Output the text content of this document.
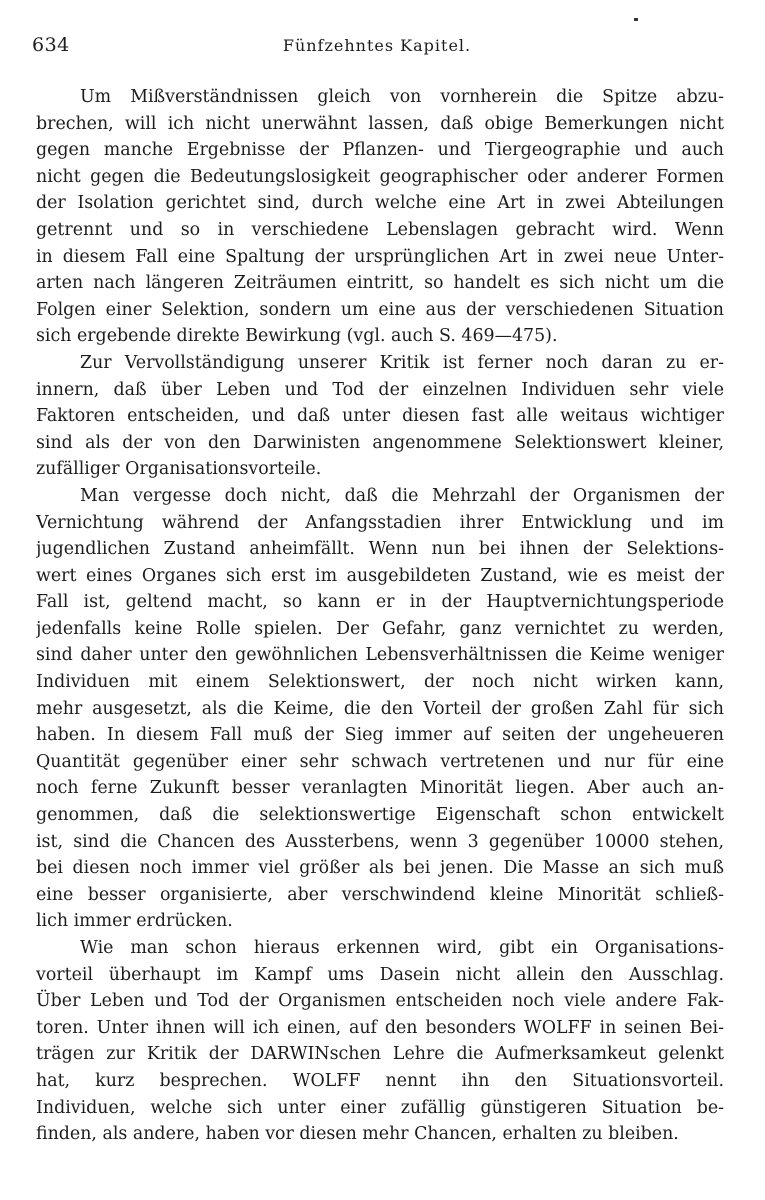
634	Fünfzehntes Kapitel.
Um Mißverständnissen gleich von vornherein die Spitze abzu-
brechen, will ich nicht unerwähnt lassen, daß obige Bemerkungen nicht
gegen manche Ergebnisse der Pflanzen- und Tiergeographie und auch
nicht gegen die Bedeutungslosigkeit geographischer oder anderer Formen
der Isolation gerichtet sind, durch welche eine Art in zwei Abteilungen
getrennt und so in verschiedene Lebenslagen gebracht wird. Wenn
in diesem Fall eine Spaltung der ursprünglichen Art in zwei neue Unter-
arten nach längeren Zeiträumen eintritt, so handelt es sich nicht um die
Folgen einer Selektion, sondern um eine aus der verschiedenen Situation
sich ergebende direkte Bewirkung (vgl. auch S. 469—475).
Zur Vervollständigung unserer Kritik ist ferner noch daran zu er-
innern, daß über Leben und Tod der einzelnen Individuen sehr viele
Faktoren entscheiden, und daß unter diesen fast alle weitaus wichtiger
sind als der von den Darwinisten angenommene Selektionswert kleiner,
zufälliger Organisationsvorteile.
Man vergesse doch nicht, daß die Mehrzahl der Organismen der
Vernichtung während der Anfangsstadien ihrer Entwicklung und im
jugendlichen Zustand anheimfällt. Wenn nun bei ihnen der Selektions-
wert eines Organes sich erst im ausgebildeten Zustand, wie es meist der
Fall ist, geltend macht, so kann er in der Hauptvernichtungsperiode
jedenfalls keine Rolle spielen. Der Gefahr, ganz vernichtet zu werden,
sind daher unter den gewöhnlichen Lebensverhältnissen die Keime weniger
Individuen mit einem Selektionswert, der noch nicht wirken kann,
mehr ausgesetzt, als die Keime, die den Vorteil der großen Zahl für sich
haben. In diesem Fall muß der Sieg immer auf seiten der ungeheueren
Quantität gegenüber einer sehr schwach vertretenen und nur für eine
noch ferne Zukunft besser veranlagten Minorität liegen. Aber auch an-
genommen, daß die selektionswertige Eigenschaft schon entwickelt
ist, sind die Chancen des Aussterbens, wenn 3 gegenüber 10000 stehen,
bei diesen noch immer viel größer als bei jenen. Die Masse an sich muß
eine besser organisierte, aber verschwindend kleine Minorität schließ-
lich immer erdrücken.
Wie man schon hieraus erkennen wird, gibt ein Organisations-
vorteil überhaupt im Kampf ums Dasein nicht allein den Ausschlag.
Über Leben und Tod der Organismen entscheiden noch viele andere Fak-
toren. Unter ihnen will ich einen, auf den besonders WOLFF in seinen Bei-
trägen zur Kritik der DARWINschen Lehre die Aufmerksamkeut gelenkt
hat, kurz besprechen. WOLFF nennt ihn den Situationsvorteil.
Individuen, welche sich unter einer zufällig günstigeren Situation be-
finden, als andere, haben vor diesen mehr Chancen, erhalten zu bleiben.
